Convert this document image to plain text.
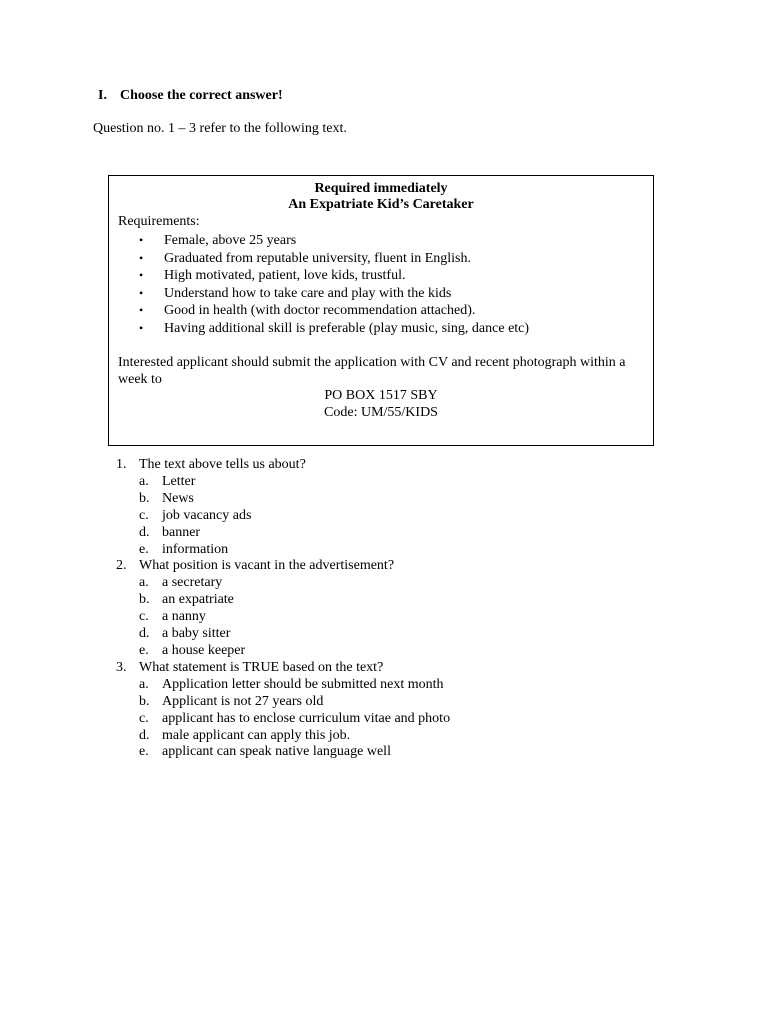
I. Choose the correct answer!
Question no. 1 – 3 refer to the following text.
Required immediately
An Expatriate Kid’s Caretaker
Requirements:
• Female, above 25 years
• Graduated from reputable university, fluent in English.
• High motivated, patient, love kids, trustful.
• Understand how to take care and play with the kids
• Good in health (with doctor recommendation attached).
• Having additional skill is preferable (play music, sing, dance etc)
Interested applicant should submit the application with CV and recent photograph within a week to
PO BOX 1517 SBY
Code: UM/55/KIDS
1. The text above tells us about?
a. Letter
b. News
c. job vacancy ads
d. banner
e. information
2. What position is vacant in the advertisement?
a. a secretary
b. an expatriate
c. a nanny
d. a baby sitter
e. a house keeper
3. What statement is TRUE based on the text?
a. Application letter should be submitted next month
b. Applicant is not 27 years old
c. applicant has to enclose curriculum vitae and photo
d. male applicant can apply this job.
e. applicant can speak native language well
